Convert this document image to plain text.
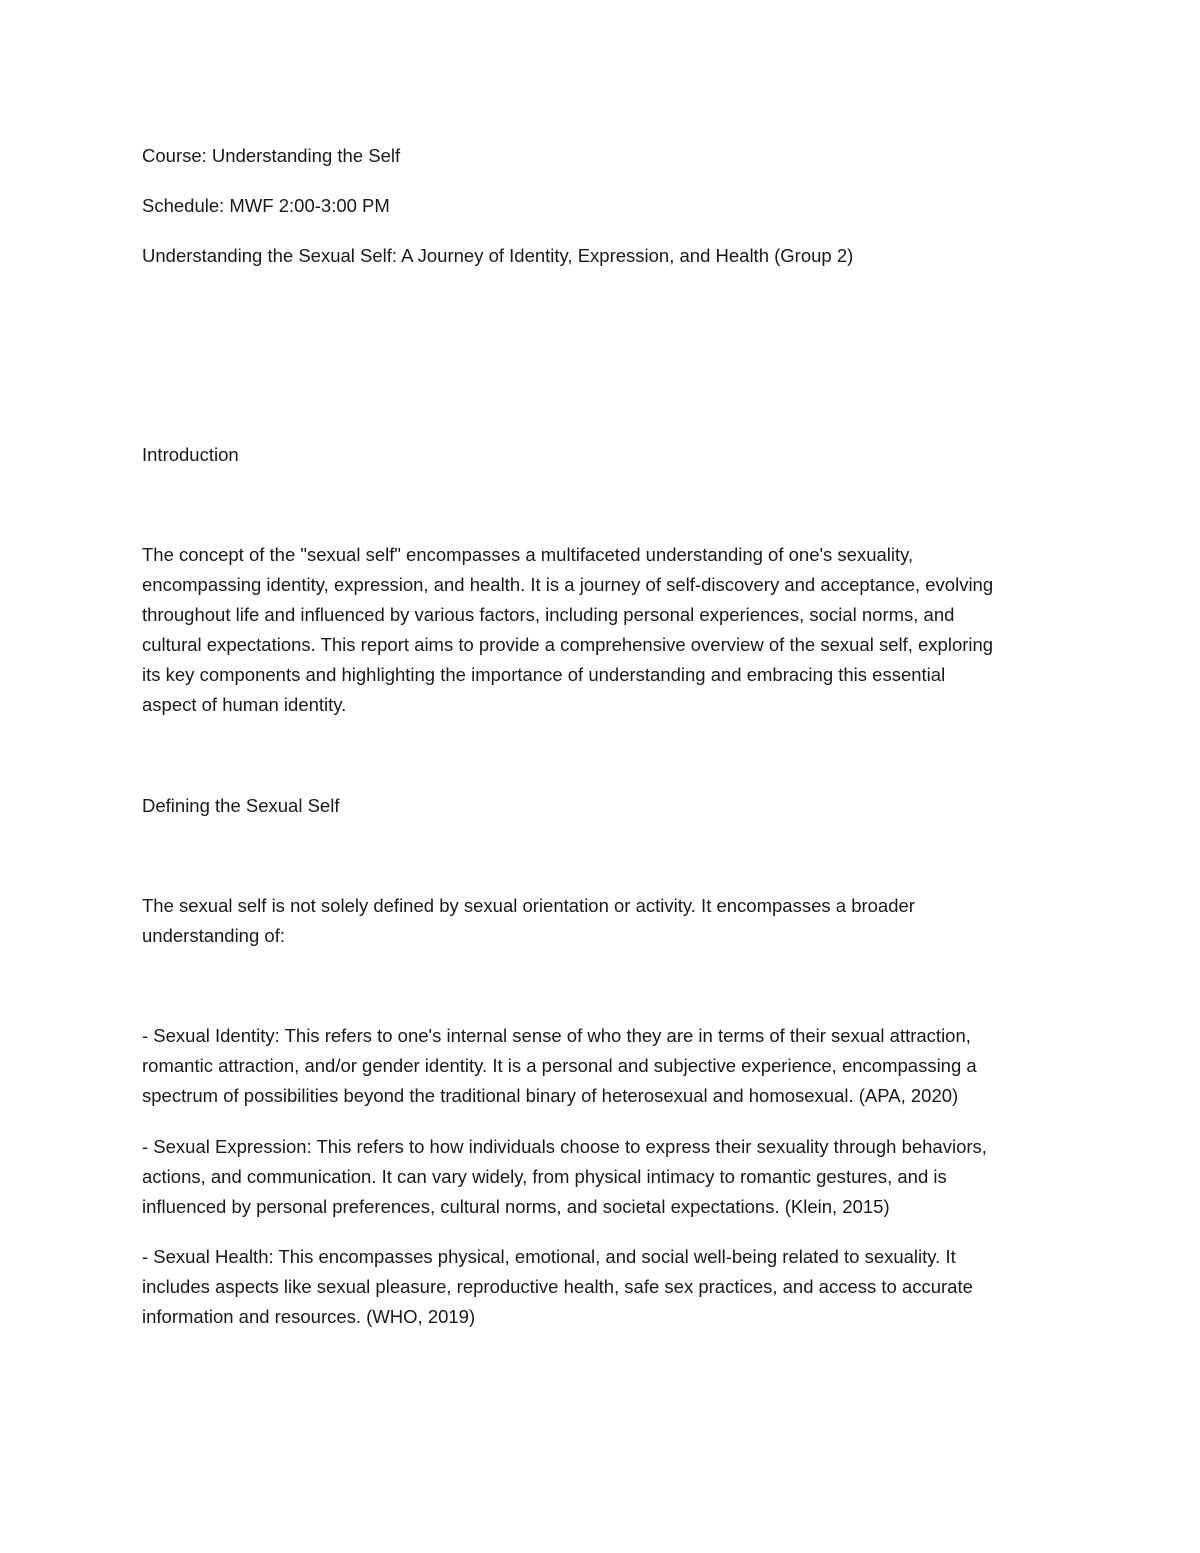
Course: Understanding the Self

Schedule: MWF 2:00-3:00 PM

Understanding the Sexual Self: A Journey of Identity, Expression, and Health (Group 2)

Introduction

The concept of the "sexual self" encompasses a multifaceted understanding of one's sexuality,
encompassing identity, expression, and health. It is a journey of self-discovery and acceptance, evolving
throughout life and influenced by various factors, including personal experiences, social norms, and
cultural expectations. This report aims to provide a comprehensive overview of the sexual self, exploring
its key components and highlighting the importance of understanding and embracing this essential
aspect of human identity.

Defining the Sexual Self

The sexual self is not solely defined by sexual orientation or activity. It encompasses a broader
understanding of:
- Sexual Identity: This refers to one's internal sense of who they are in terms of their sexual attraction,
romantic attraction, and/or gender identity. It is a personal and subjective experience, encompassing a
spectrum of possibilities beyond the traditional binary of heterosexual and homosexual. (APA, 2020)
- Sexual Expression: This refers to how individuals choose to express their sexuality through behaviors,
actions, and communication. It can vary widely, from physical intimacy to romantic gestures, and is
influenced by personal preferences, cultural norms, and societal expectations. (Klein, 2015)
- Sexual Health: This encompasses physical, emotional, and social well-being related to sexuality. It
includes aspects like sexual pleasure, reproductive health, safe sex practices, and access to accurate
information and resources. (WHO, 2019)
